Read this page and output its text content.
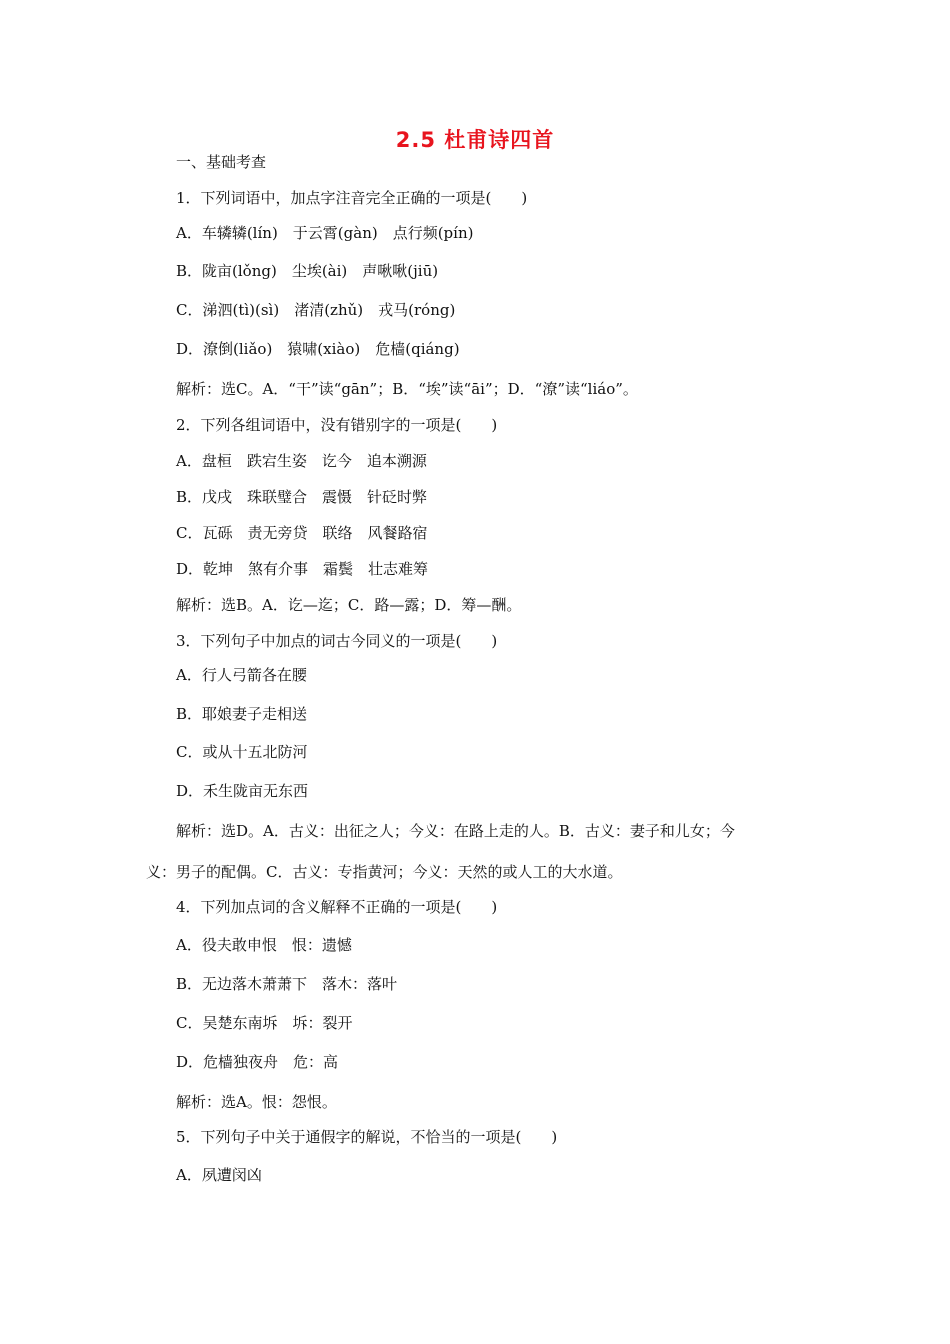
2.5 杜甫诗四首
一、基础考查
1．下列词语中，加点字注音完全正确的一项是(　　)
A．车辚辚(lín)　于云霄(gàn)　点行频(pín)
B．陇亩(lǒng)　尘埃(ài)　声啾啾(jiū)
C．涕泗(tì)(sì)　渚清(zhǔ)　戎马(róng)
D．潦倒(liǎo)　猿啸(xiào)　危樯(qiáng)
解析：选C。A．“干”读“gān”；B．“埃”读“āi”；D．“潦”读“liáo”。
2．下列各组词语中，没有错别字的一项是(　　)
A．盘桓　跌宕生姿　讫今　追本溯源
B．戊戌　珠联璧合　震慑　针砭时弊
C．瓦砾　责无旁贷　联络　风餐路宿
D．乾坤　煞有介事　霜鬓　壮志难筹
解析：选B。A．讫—迄；C．路—露；D．筹—酬。
3．下列句子中加点的词古今同义的一项是(　　)
A．行人弓箭各在腰
B．耶娘妻子走相送
C．或从十五北防河
D．禾生陇亩无东西
解析：选D。A．古义：出征之人；今义：在路上走的人。B．古义：妻子和儿女；今
义：男子的配偶。C．古义：专指黄河；今义：天然的或人工的大水道。
4．下列加点词的含义解释不正确的一项是(　　)
A．役夫敢申恨　恨：遗憾
B．无边落木萧萧下　落木：落叶
C．吴楚东南坼　坼：裂开
D．危樯独夜舟　危：高
解析：选A。恨：怨恨。
5．下列句子中关于通假字的解说，不恰当的一项是(　　)
A．夙遭闵凶
